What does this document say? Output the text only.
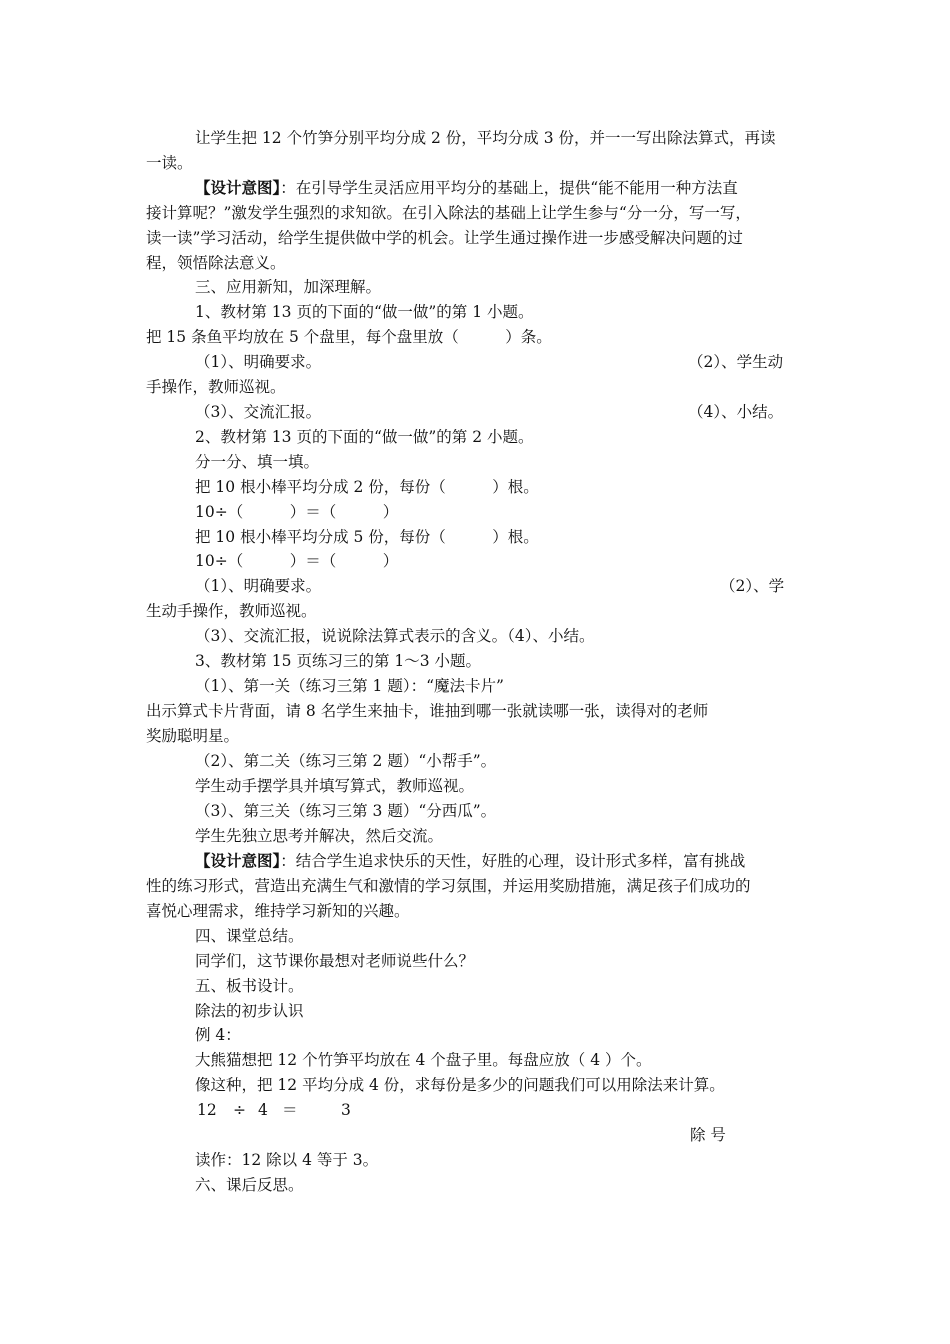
让学生把 12 个竹笋分别平均分成 2 份，平均分成 3 份，并一一写出除法算式，再读
一读。
【设计意图】：在引导学生灵活应用平均分的基础上，提供“能不能用一种方法直
接计算呢？”激发学生强烈的求知欲。在引入除法的基础上让学生参与“分一分，写一写，
读一读”学习活动，给学生提供做中学的机会。让学生通过操作进一步感受解决问题的过
程，领悟除法意义。
三、应用新知，加深理解。
1、教材第 13 页的下面的“做一做”的第 1 小题。
把 15 条鱼平均放在 5 个盘里，每个盘里放（　　　）条。
（1）、明确要求。	（2）、学生动
手操作，教师巡视。
（3）、交流汇报。	（4）、小结。
2、教材第 13 页的下面的“做一做”的第 2 小题。
分一分、填一填。
把 10 根小棒平均分成 2 份，每份（　　　）根。
10÷（　　　）＝（　　　）
把 10 根小棒平均分成 5 份，每份（　　　）根。
10÷（　　　）＝（　　　）
（1）、明确要求。	（2）、学
生动手操作，教师巡视。
（3）、交流汇报，说说除法算式表示的含义。（4）、小结。
3、教材第 15 页练习三的第 1～3 小题。
（1）、第一关（练习三第 1 题）：“魔法卡片”
出示算式卡片背面，请 8 名学生来抽卡，谁抽到哪一张就读哪一张，读得对的老师
奖励聪明星。
（2）、第二关（练习三第 2 题）“小帮手”。
学生动手摆学具并填写算式，教师巡视。
（3）、第三关（练习三第 3 题）“分西瓜”。
学生先独立思考并解决，然后交流。
【设计意图】：结合学生追求快乐的天性，好胜的心理，设计形式多样，富有挑战
性的练习形式，营造出充满生气和激情的学习氛围，并运用奖励措施，满足孩子们成功的
喜悦心理需求，维持学习新知的兴趣。
四、课堂总结。
同学们，这节课你最想对老师说些什么？
五、板书设计。
除法的初步认识
例 4：
大熊猫想把 12 个竹笋平均放在 4 个盘子里。每盘应放（ 4 ）个。
像这种，把 12 平均分成 4 份，求每份是多少的问题我们可以用除法来计算。
12 ÷ 4 ＝	3
除 号
读作：12 除以 4 等于 3。
六、课后反思。
